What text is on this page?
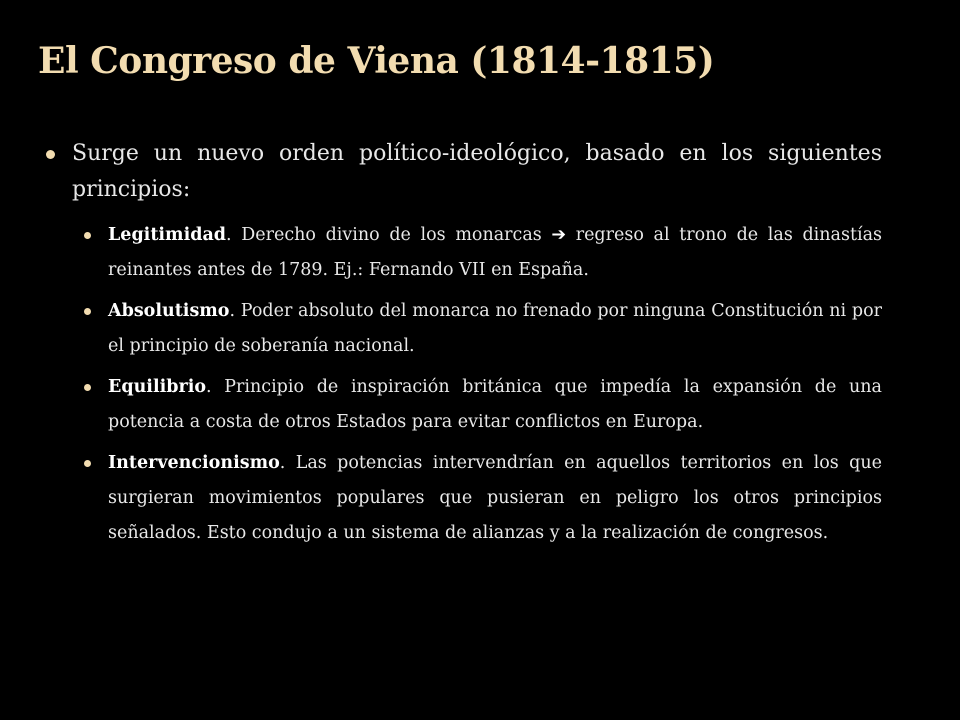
El Congreso de Viena (1814-1815)
Surge un nuevo orden político-ideológico, basado en los siguientes principios:
Legitimidad. Derecho divino de los monarcas ➔ regreso al trono de las dinastías reinantes antes de 1789. Ej.: Fernando VII en España.
Absolutismo. Poder absoluto del monarca no frenado por ninguna Constitución ni por el principio de soberanía nacional.
Equilibrio. Principio de inspiración británica que impedía la expansión de una potencia a costa de otros Estados para evitar conflictos en Europa.
Intervencionismo. Las potencias intervendrían en aquellos territorios en los que surgieran movimientos populares que pusieran en peligro los otros principios señalados. Esto condujo a un sistema de alianzas y a la realización de congresos.
